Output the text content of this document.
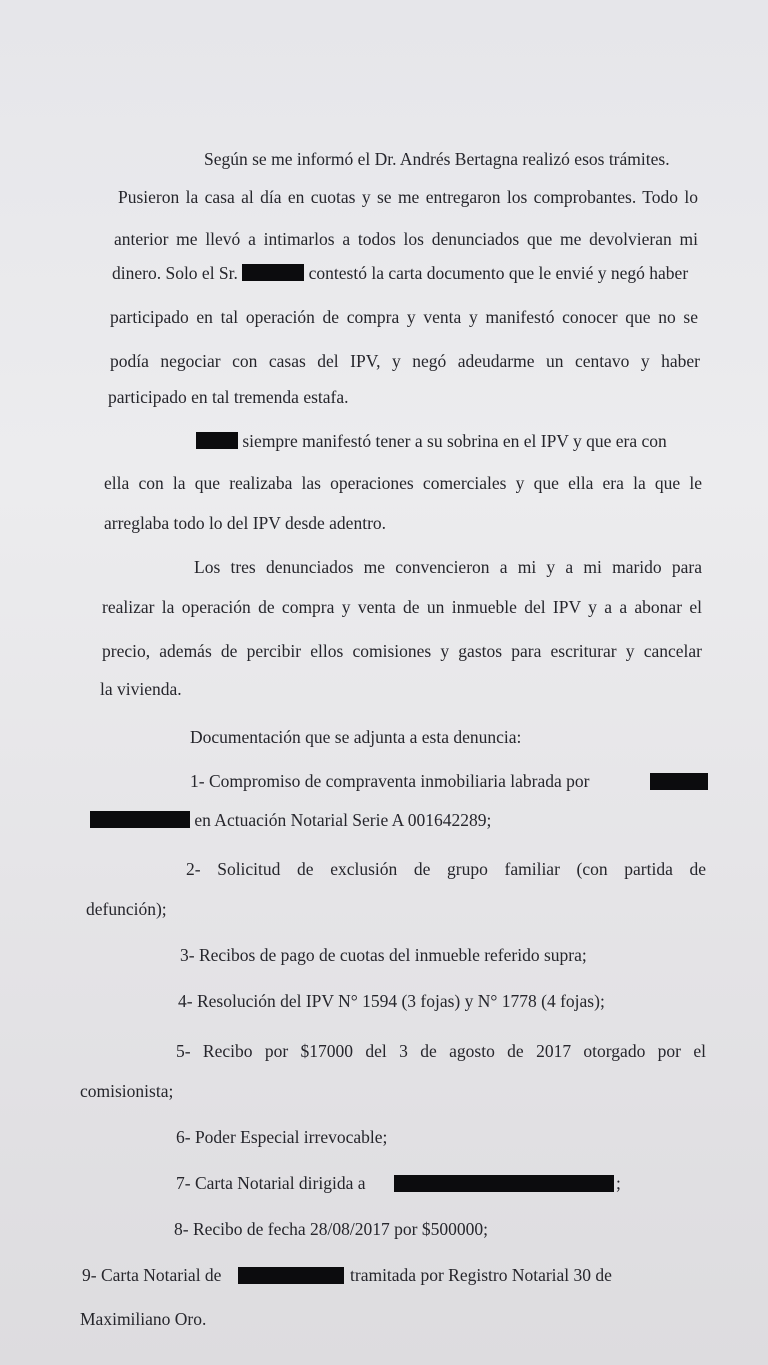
Según se me informó el Dr. Andrés Bertagna realizó esos trámites.
Pusieron la casa al día en cuotas y se me entregaron los comprobantes. Todo lo
anterior me llevó a intimarlos a todos los denunciados que me devolvieran mi
dinero. Solo el Sr.	contestó la carta documento que le envié y negó haber
participado en tal operación de compra y venta y manifestó conocer que no se
podía negociar con casas del IPV, y negó adeudarme un centavo y haber
participado en tal tremenda estafa.
siempre manifestó tener a su sobrina en el IPV y que era con
ella con la que realizaba las operaciones comerciales y que ella era la que le
arreglaba todo lo del IPV desde adentro.
Los tres denunciados me convencieron a mi y a mi marido para
realizar la operación de compra y venta de un inmueble del IPV y a a abonar el
precio, además de percibir ellos comisiones y gastos para escriturar y cancelar
la vivienda.
Documentación que se adjunta a esta denuncia:
1- Compromiso de compraventa inmobiliaria labrada por
en Actuación Notarial Serie A 001642289;
2- Solicitud de exclusión de grupo familiar (con partida de
defunción);
3- Recibos de pago de cuotas del inmueble referido supra;
4- Resolución del IPV N° 1594 (3 fojas) y N° 1778 (4 fojas);
5- Recibo por $17000 del 3 de agosto de 2017 otorgado por el
comisionista;
6- Poder Especial irrevocable;
7- Carta Notarial dirigida a	;
8- Recibo de fecha 28/08/2017 por $500000;
9- Carta Notarial de	tramitada por Registro Notarial 30 de
Maximiliano Oro.
